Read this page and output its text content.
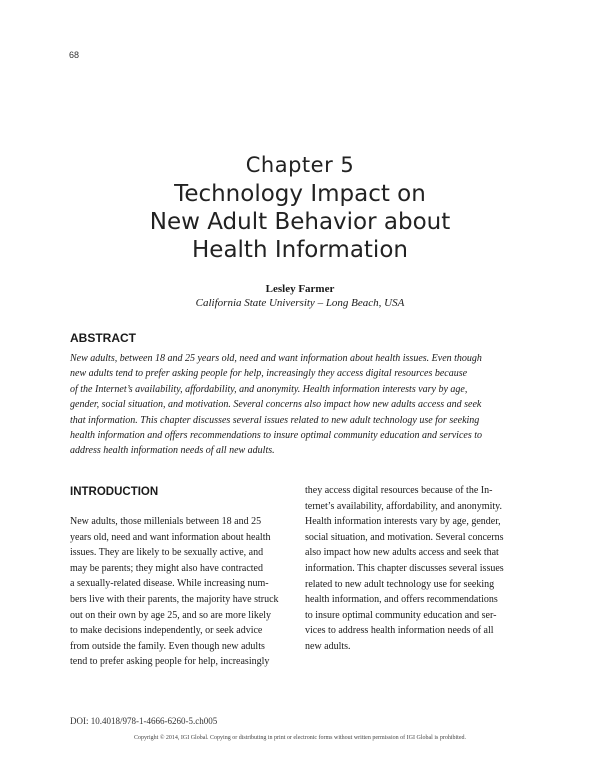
68
Chapter 5
Technology Impact on
New Adult Behavior about
Health Information
Lesley Farmer
California State University – Long Beach, USA
ABSTRACT
New adults, between 18 and 25 years old, need and want information about health issues. Even though
new adults tend to prefer asking people for help, increasingly they access digital resources because
of the Internet’s availability, affordability, and anonymity. Health information interests vary by age,
gender, social situation, and motivation. Several concerns also impact how new adults access and seek
that information. This chapter discusses several issues related to new adult technology use for seeking
health information and offers recommendations to insure optimal community education and services to
address health information needs of all new adults.
INTRODUCTION
New adults, those millenials between 18 and 25
years old, need and want information about health
issues. They are likely to be sexually active, and
may be parents; they might also have contracted
a sexually-related disease. While increasing num-
bers live with their parents, the majority have struck
out on their own by age 25, and so are more likely
to make decisions independently, or seek advice
from outside the family. Even though new adults
tend to prefer asking people for help, increasingly
they access digital resources because of the In-
ternet’s availability, affordability, and anonymity.
Health information interests vary by age, gender,
social situation, and motivation. Several concerns
also impact how new adults access and seek that
information. This chapter discusses several issues
related to new adult technology use for seeking
health information, and offers recommendations
to insure optimal community education and ser-
vices to address health information needs of all
new adults.
DOI: 10.4018/978-1-4666-6260-5.ch005
Copyright © 2014, IGI Global. Copying or distributing in print or electronic forms without written permission of IGI Global is prohibited.
